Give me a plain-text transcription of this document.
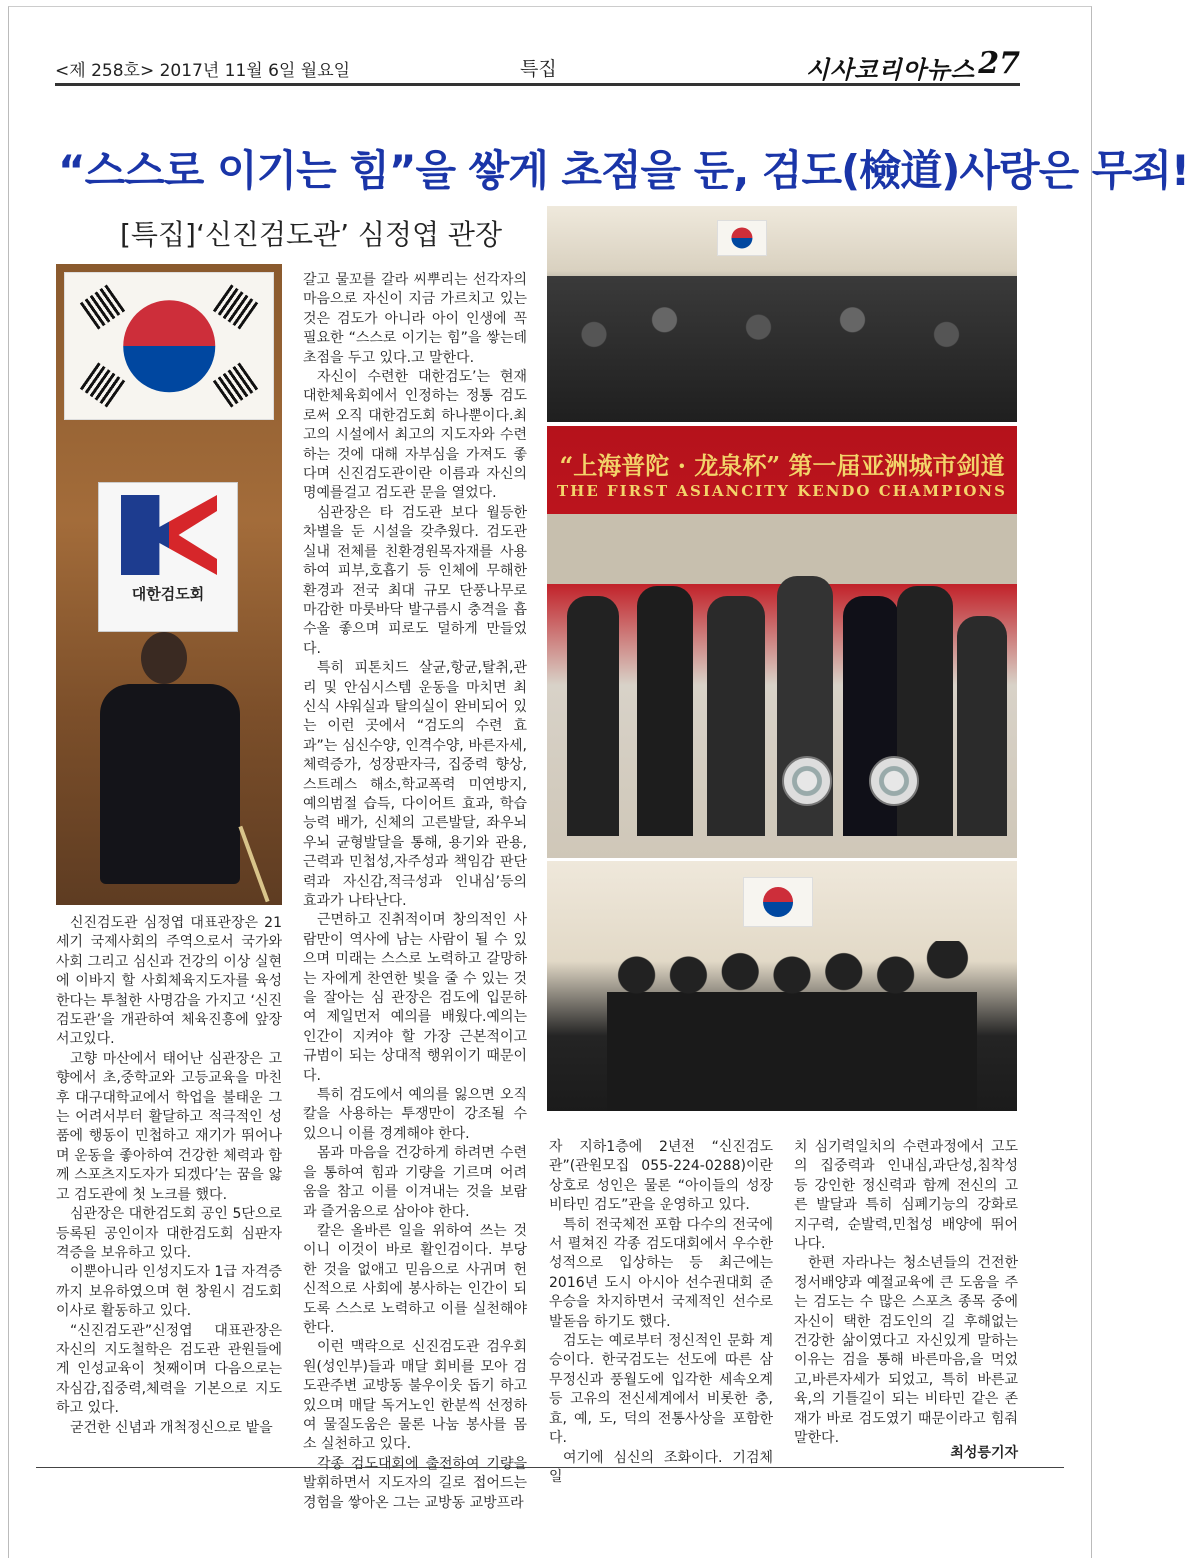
<제 258호> 2017년 11월 6일 월요일	특집	시사코리아뉴스 27
“스스로 이기는 힘”을 쌓게 초점을 둔, 검도(檢道)사랑은 무죄!
[특집]‘신진검도관’ 심정엽 관장
대한검도회
“上海普陀 · 龙泉杯” 第一届亚洲城市剑道
THE FIRST ASIANCITY KENDO CHAMPIONS

신진검도관 심정엽 대표관장은 21세기 국제사회의 주역으로서 국가와 사회 그리고 심신과 건강의 이상 실현에 이바지 할 사회체육지도자를 육성한다는 투철한 사명감을 가지고 ‘신진검도관’을 개관하여 체육진흥에 앞장서고있다.

고향 마산에서 태어난 심관장은 고향에서 초,중학교와 고등교육을 마친 후 대구대학교에서 학업을 불태운 그는 어려서부터 활달하고 적극적인 성품에 행동이 민첩하고 재기가 뛰어나며 운동을 좋아하여 건강한 체력과 함께 스포츠지도자가 되겠다’는 꿈을 앓고 검도관에 첫 노크를 했다.

심관장은 대한검도회 공인 5단으로 등록된 공인이자 대한검도회 심판자격증을 보유하고 있다.

이뿐아니라 인성지도자 1급 자격증까지 보유하였으며 현 창원시 검도회 이사로 활동하고 있다.

“신진검도관”신정엽 대표관장은 자신의 지도철학은 검도관 관원들에게 인성교육이 첫째이며 다음으로는 자심감,집중력,체력을 기본으로 지도하고 있다.

굳건한 신념과 개척정신으로 밭을

갈고 물꼬를 갈라 씨뿌리는 선각자의 마음으로 자신이 지금 가르치고 있는 것은 검도가 아니라 아이 인생에 꼭 필요한 “스스로 이기는 힘”을 쌓는데 초점을 두고 있다.고 말한다.

자신이 수련한 대한검도’는 현재 대한체육회에서 인정하는 정통 검도로써 오직 대한검도회 하나뿐이다.최고의 시설에서 최고의 지도자와 수련 하는 것에 대해 자부심을 가져도 좋다며 신진검도관이란 이름과 자신의 명예를걸고 검도관 문을 열었다.

심관장은 타 검도관 보다 월등한 차별을 둔 시설을 갖추웠다. 검도관 실내 전체를 친환경원목자재를 사용하여 피부,호흡기 등 인체에 무해한 환경과 전국 최대 규모 단풍나무로 마감한 마룻바닥 발구름시 충격을 흡수올 좋으며 피로도 덜하게 만들었다.

특히 피톤치드 살균,항균,탈취,관리 및 안심시스템 운동을 마치면 최신식 샤워실과 탈의실이 완비되어 있는 이런 곳에서 “검도의 수련 효과”는 심신수양, 인격수양, 바른자세, 체력증가, 성장판자극, 집중력 향상,스트레스 해소,학교폭력 미연방지, 예의범절 습득, 다이어트 효과, 학습능력 배가, 신체의 고른발달, 좌우뇌우뇌 균형발달을 통해, 용기와 관용, 근력과 민첩성,자주성과 책임감 판단력과 자신감,적극성과 인내심’등의 효과가 나타난다.

근면하고 진취적이며 창의적인 사람만이 역사에 남는 사람이 될 수 있으며 미래는 스스로 노력하고 갈망하는 자에게 찬연한 빛을 줄 수 있는 것을 잘아는 심 관장은 검도에 입문하여 제일먼저 예의를 배웠다.예의는 인간이 지켜야 할 가장 근본적이고 규범이 되는 상대적 행위이기 때문이다.

특히 검도에서 예의를 잃으면 오직 칼을 사용하는 투쟁만이 강조될 수 있으니 이를 경계해야 한다.

몸과 마음을 건강하게 하려면 수련을 통하여 힘과 기량을 기르며 어려움을 참고 이를 이겨내는 것을 보람과 즐거움으로 삼아야 한다.

칼은 올바른 일을 위하여 쓰는 것이니 이것이 바로 활인검이다. 부당한 것을 없애고 믿음으로 사귀며 헌신적으로 사회에 봉사하는 인간이 되도록 스스로 노력하고 이를 실천해야한다.

이런 맥락으로 신진검도관 검우회원(성인부)들과 매달 회비를 모아 검도관주변 교방동 불우이웃 돕기 하고 있으며 매달 독거노인 한분씩 선정하여 물질도움은 물론 나눔 봉사를 몸소 실천하고 있다.

각종 검도대회에 출전하여 기량을 발휘하면서 지도자의 길로 접어드는 경험을 쌓아온 그는 교방동 교방프라

자 지하1층에 2년전 “신진검도관”(관원모집 055-224-0288)이란 상호로 성인은 물론 “아이들의 성장 비타민 검도”관을 운영하고 있다.

특히 전국체전 포함 다수의 전국에서 펼쳐진 각종 검도대회에서 우수한 성적으로 입상하는 등 최근에는 2016년 도시 아시아 선수권대회 준우승을 차지하면서 국제적인 선수로 발돋음 하기도 했다.

검도는 예로부터 정신적인 문화 계승이다. 한국검도는 선도에 따른 삼무정신과 풍월도에 입각한 세속오계 등 고유의 전신세계에서 비롯한 충, 효, 예, 도, 덕의 전통사상을 포함한다.

여기에 심신의 조화이다. 기검체 일

치 심기력일치의 수련과정에서 고도의 집중력과 인내심,과단성,침착성 등 강인한 정신력과 함께 전신의 고른 발달과 특히 심폐기능의 강화로 지구력, 순발력,민첩성 배양에 뛰어나다.

한편 자라나는 청소년들의 건전한 정서배양과 예절교육에 큰 도움을 주는 검도는 수 많은 스포츠 종목 중에 자신이 택한 검도인의 길 후해없는 건강한 삶이였다고 자신있게 말하는 이유는 검을 통해 바른마음,을 먹었고,바른자세가 되었고, 특히 바른교육,의 기틀길이 되는 비타민 같은 존재가 바로 검도였기 때문이라고 힘줘 말한다.

최성릉기자
